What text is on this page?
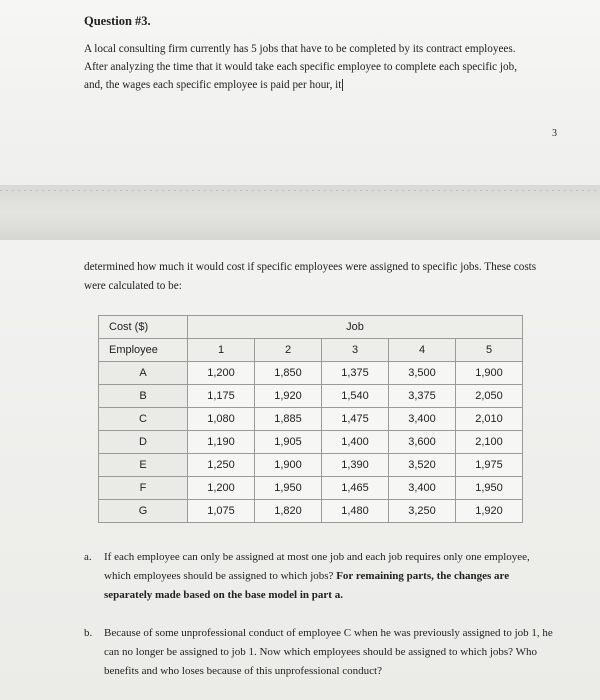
Question #3.
A local consulting firm currently has 5 jobs that have to be completed by its contract employees. After analyzing the time that it would take each specific employee to complete each specific job, and, the wages each specific employee is paid per hour, it
3
determined how much it would cost if specific employees were assigned to specific jobs. These costs were calculated to be:
Cost ($)	Job				
Employee	1	2	3	4	5
A	1,200	1,850	1,375	3,500	1,900
B	1,175	1,920	1,540	3,375	2,050
C	1,080	1,885	1,475	3,400	2,010
D	1,190	1,905	1,400	3,600	2,100
E	1,250	1,900	1,390	3,520	1,975
F	1,200	1,950	1,465	3,400	1,950
G	1,075	1,820	1,480	3,250	1,920
a. If each employee can only be assigned at most one job and each job requires only one employee, which employees should be assigned to which jobs? For remaining parts, the changes are separately made based on the base model in part a.
b. Because of some unprofessional conduct of employee C when he was previously assigned to job 1, he can no longer be assigned to job 1. Now which employees should be assigned to which jobs? Who benefits and who loses because of this unprofessional conduct?
